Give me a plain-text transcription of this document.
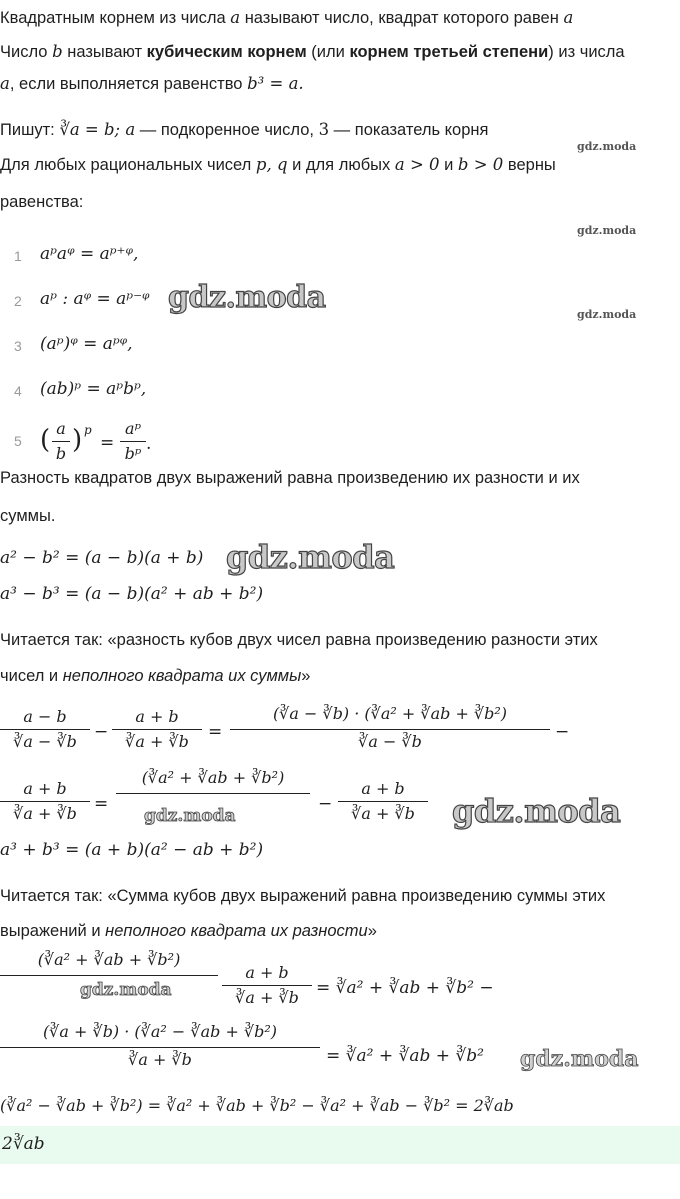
Квадратным корнем из числа a называют число, квадрат которого равен a
Число b называют кубическим корнем (или корнем третьей степени) из числа
a, если выполняется равенство b³ = a.
Пишут: ∛a = b; a — подкоренное число, 3 — показатель корня
Для любых рациональных чисел p, q и для любых a > 0 и b > 0 верны
равенства:
gdz.moda
gdz.moda
gdz.moda
1 aᵖaᵠ = aᵖ⁺ᵠ,
2 aᵖ : aᵠ = aᵖ⁻ᵠ gdz.moda
3 (aᵖ)ᵠ = aᵖᵠ,
4 (ab)ᵖ = aᵖbᵖ,
5 ( a
b ) p
=
aᵖ
bᵖ .
Разность квадратов двух выражений равна произведению их разности и их
суммы.
a² − b² = (a − b)(a + b) gdz.moda
a³ − b³ = (a − b)(a² + ab + b²)
Читается так: «разность кубов двух чисел равна произведению разности этих
чисел и неполного квадрата их суммы»
a − b
∛a − ∛b	−
a + b
∛a + ∛b	=
(∛a − ∛b) · (∛a² + ∛ab + ∛b²)
∛a − ∛b	−
a + b
∛a + ∛b	=
(∛a² + ∛ab + ∛b²)

gdz.moda
−
a + b
∛a + ∛b	gdz.moda
a³ + b³ = (a + b)(a² − ab + b²)
Читается так: «Сумма кубов двух выражений равна произведению суммы этих
выражений и неполного квадрата их разности»
(∛a² + ∛ab + ∛b²)

gdz.moda
a + b
∛a + ∛b	= ∛a² + ∛ab + ∛b² −
(∛a + ∛b) · (∛a² − ∛ab + ∛b²)
∛a + ∛b	= ∛a² + ∛ab + ∛b² gdz.moda
(∛a² − ∛ab + ∛b²) = ∛a² + ∛ab + ∛b² − ∛a² + ∛ab − ∛b² = 2∛ab
2∛ab
